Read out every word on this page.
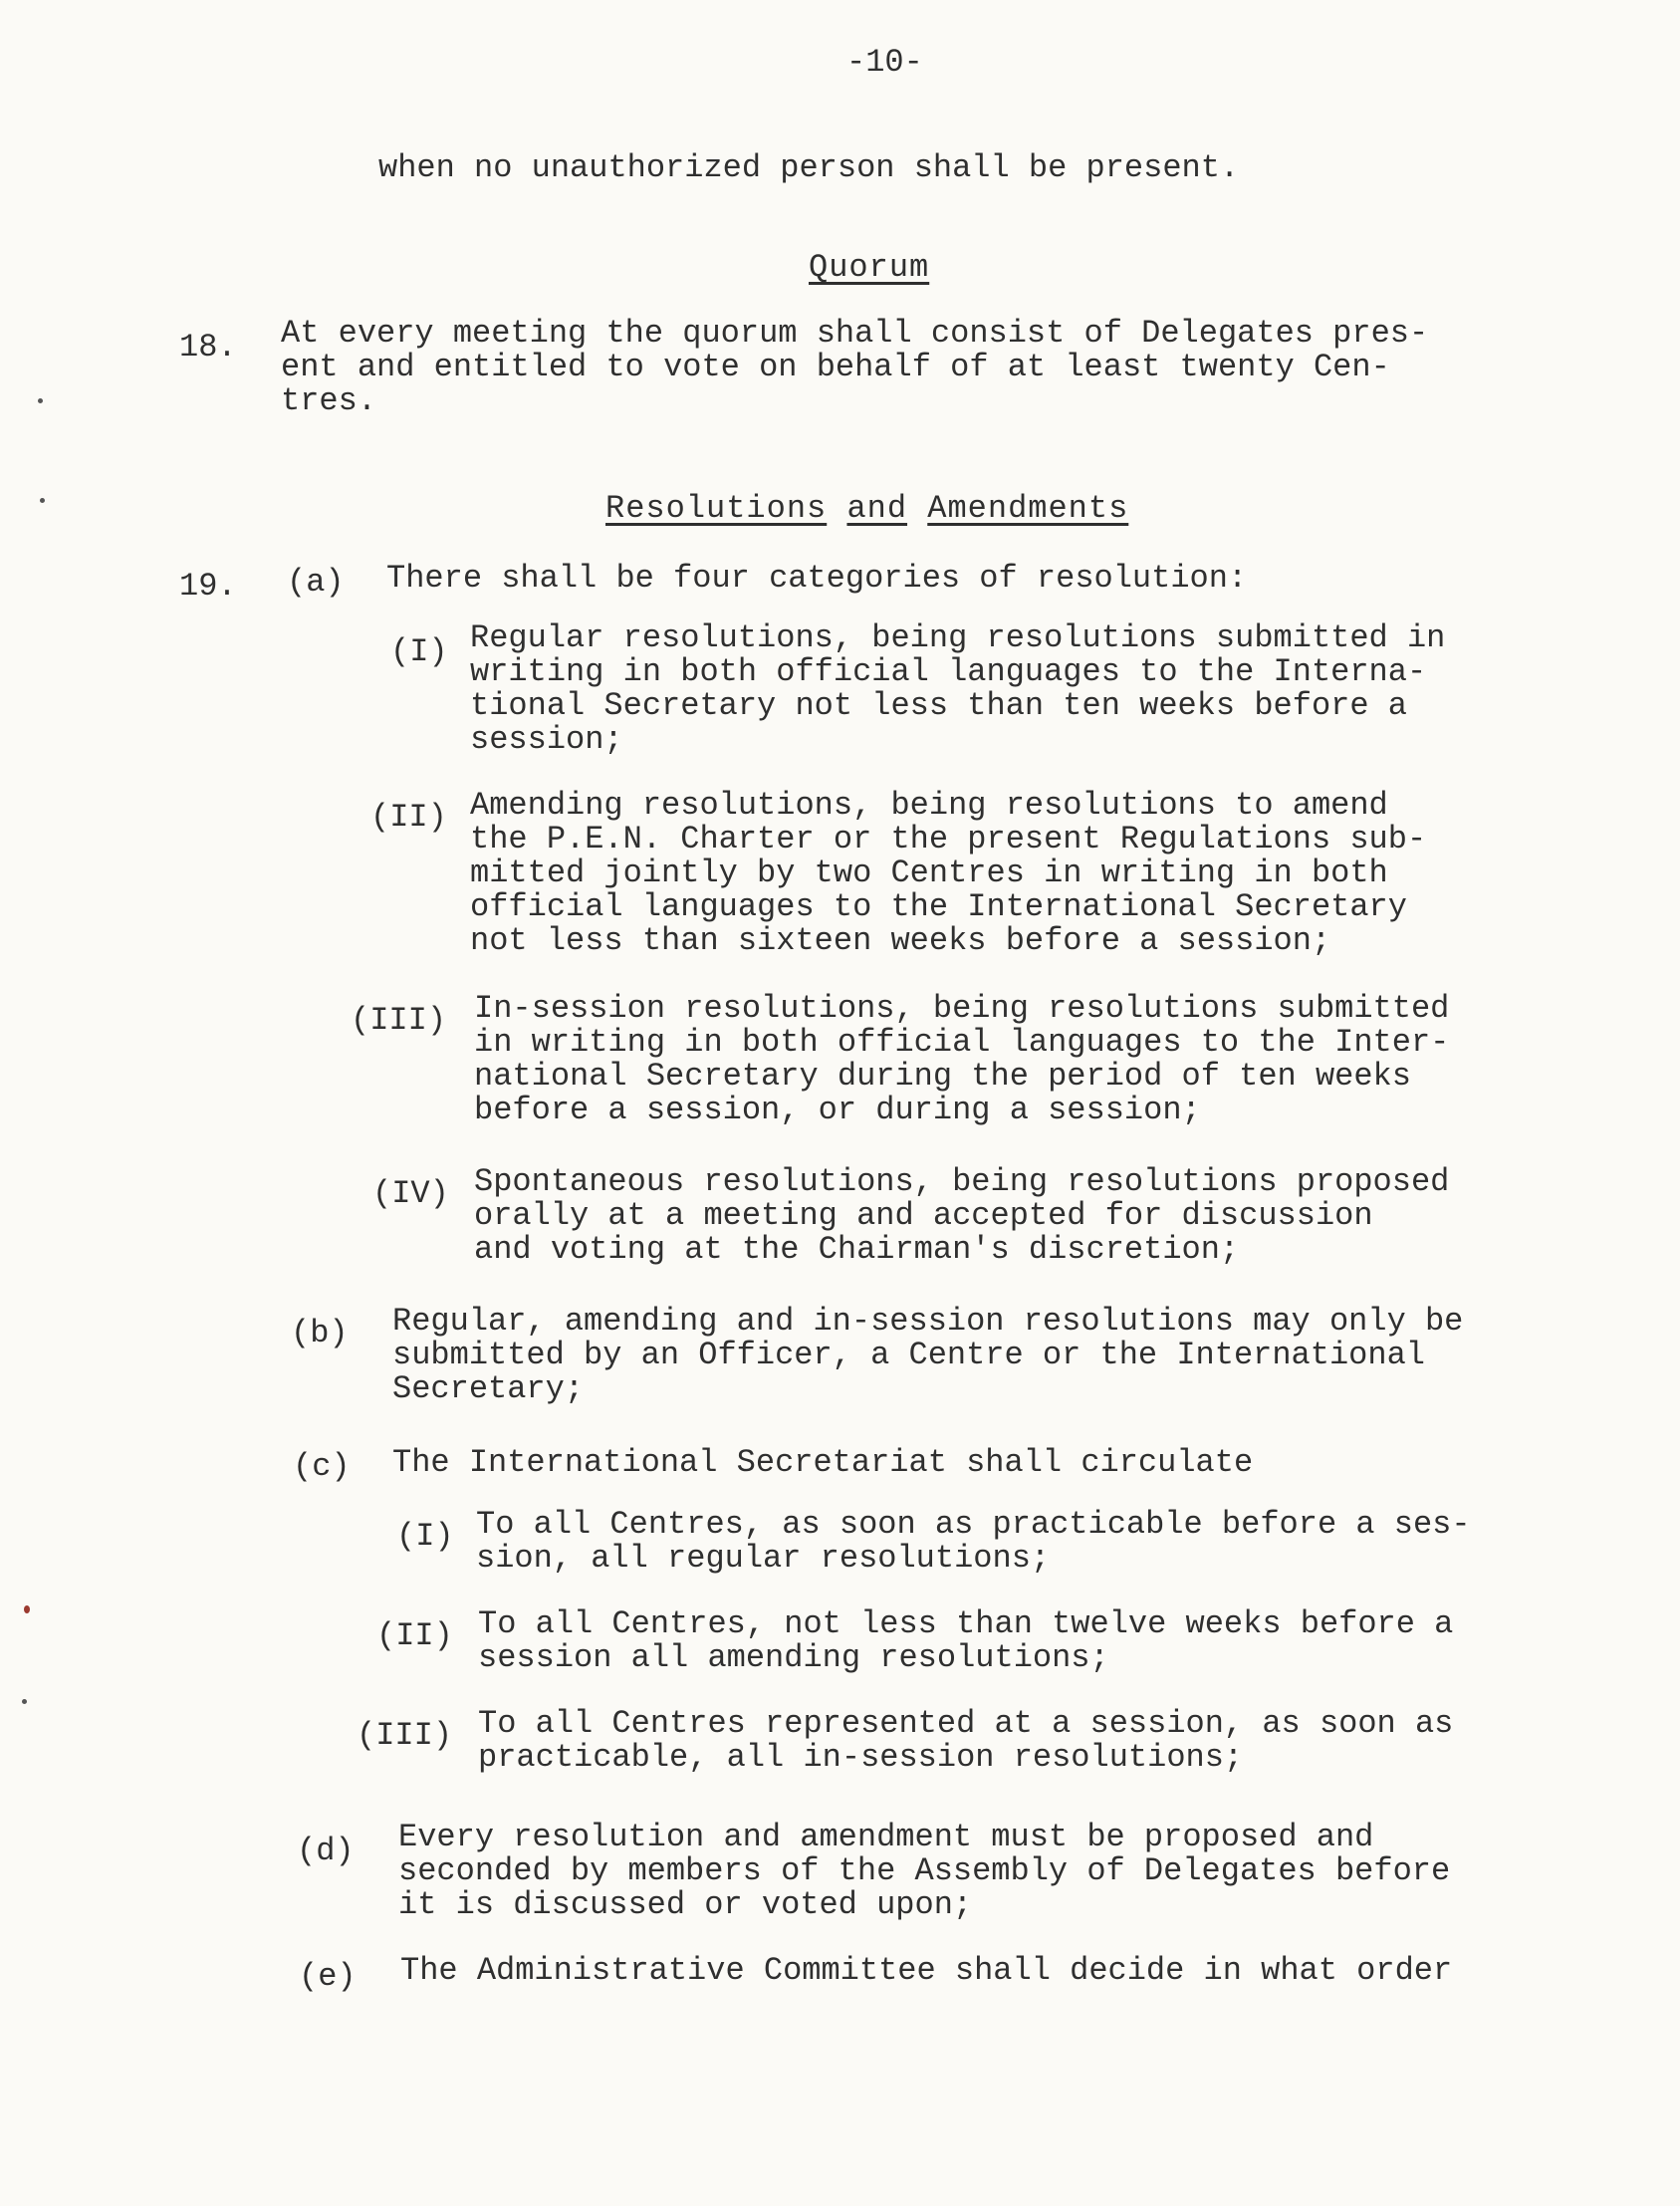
-10-
when no unauthorized person shall be present.
Quorum
18. At every meeting the quorum shall consist of Delegates pres-
ent and entitled to vote on behalf of at least twenty Cen-
tres.
Resolutions and Amendments
19. (a) There shall be four categories of resolution:
(I) Regular resolutions, being resolutions submitted in
writing in both official languages to the Interna-
tional Secretary not less than ten weeks before a
session;
(II) Amending resolutions, being resolutions to amend
the P.E.N. Charter or the present Regulations sub-
mitted jointly by two Centres in writing in both
official languages to the International Secretary
not less than sixteen weeks before a session;
(III) In-session resolutions, being resolutions submitted
in writing in both official languages to the Inter-
national Secretary during the period of ten weeks
before a session, or during a session;
(IV) Spontaneous resolutions, being resolutions proposed
orally at a meeting and accepted for discussion
and voting at the Chairman's discretion;
(b) Regular, amending and in-session resolutions may only be
submitted by an Officer, a Centre or the International
Secretary;
(c) The International Secretariat shall circulate
(I) To all Centres, as soon as practicable before a ses-
sion, all regular resolutions;
(II) To all Centres, not less than twelve weeks before a
session all amending resolutions;
(III) To all Centres represented at a session, as soon as
practicable, all in-session resolutions;
(d) Every resolution and amendment must be proposed and
seconded by members of the Assembly of Delegates before
it is discussed or voted upon;
(e) The Administrative Committee shall decide in what order
